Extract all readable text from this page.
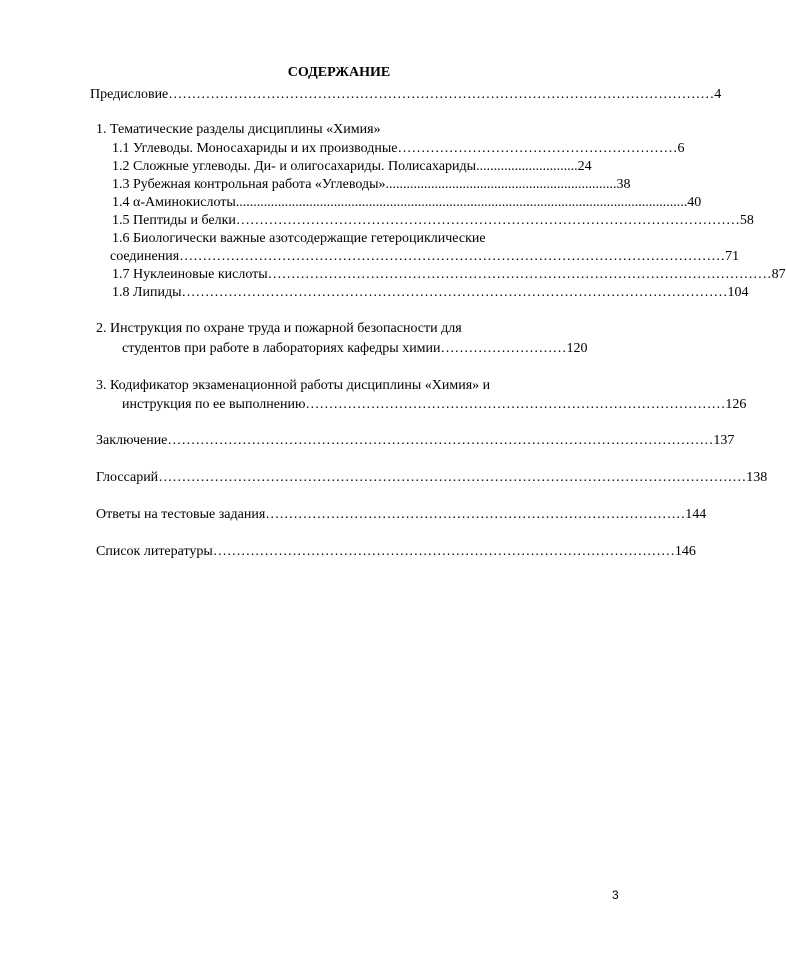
СОДЕРЖАНИЕ
Предисловие ……………………………………………………………………………………………………… 4
1. Тематические разделы дисциплины «Химия»
1.1 Углеводы. Моносахариды и их производные …………………………………………………… 6
1.2 Сложные углеводы. Ди- и олигосахариды. Полисахариды ............................. 24
1.3 Рубежная контрольная работа «Углеводы» .................................................................. 38
1.4 α-Аминокислоты ................................................................................................................................. 40
1.5 Пептиды и белки ……………………………………………………………………………………………… 58
1.6 Биологически важные азотсодержащие гетероциклические
соединения ……………………………………………………………………………………………………… 71
1.7 Нуклеиновые кислоты ……………………………………………………………………………………………… 87
1.8 Липиды ……………………………………………………………………………………………………… 104
2. Инструкция по охране труда и пожарной безопасности для
студентов при работе в лабораториях кафедры химии ……………………… 120
3. Кодификатор экзаменационной работы дисциплины «Химия» и
инструкция по ее выполнению ……………………………………………………………………………… 126
Заключение ……………………………………………………………………………………………………… 137
Глоссарий ……………………………………………………………………………………………………………… 138
Ответы на тестовые задания ……………………………………………………………………………… 144
Список литературы ……………………………………………………………………………………… 146
3
